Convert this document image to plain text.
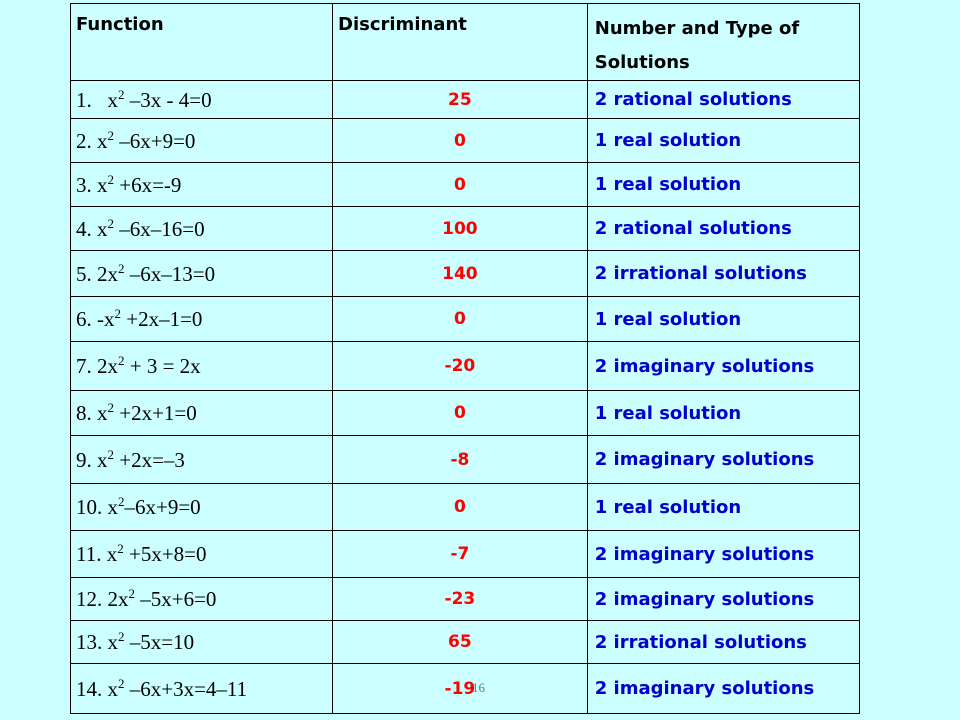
Function	Discriminant	Number and Type of Solutions
1. $x^2$ –3x - 4=0	25	2 rational solutions
2. $x^2$ –6x+9=0	0	1 real solution
3. $x^2 +6x=-9$	0	1 real solution
4. $x^2$ –6x–16=0	100	2 rational solutions
5. $2x^2$ –6x–13=0	140	2 irrational solutions
6. $-x^2 +2x-1=0$	0	1 real solution
7. $2x^2 + 3 = 2x$	-20	2 imaginary solutions
8. $x^2 +2x+1=0$	0	1 real solution
9. $x^2 +2x=-3$	-8	2 imaginary solutions
10. $x^2-6x+9=0$	0	1 real solution
11. $x^2 +5x+8=0$	-7	2 imaginary solutions
12. $2x^2$ –5x+6=0	-23	2 imaginary solutions
13. $x^2$ –5x=10	65	2 irrational solutions
14. $x^2$ –6x+3x=4–11	-19	2 imaginary solutions
16
